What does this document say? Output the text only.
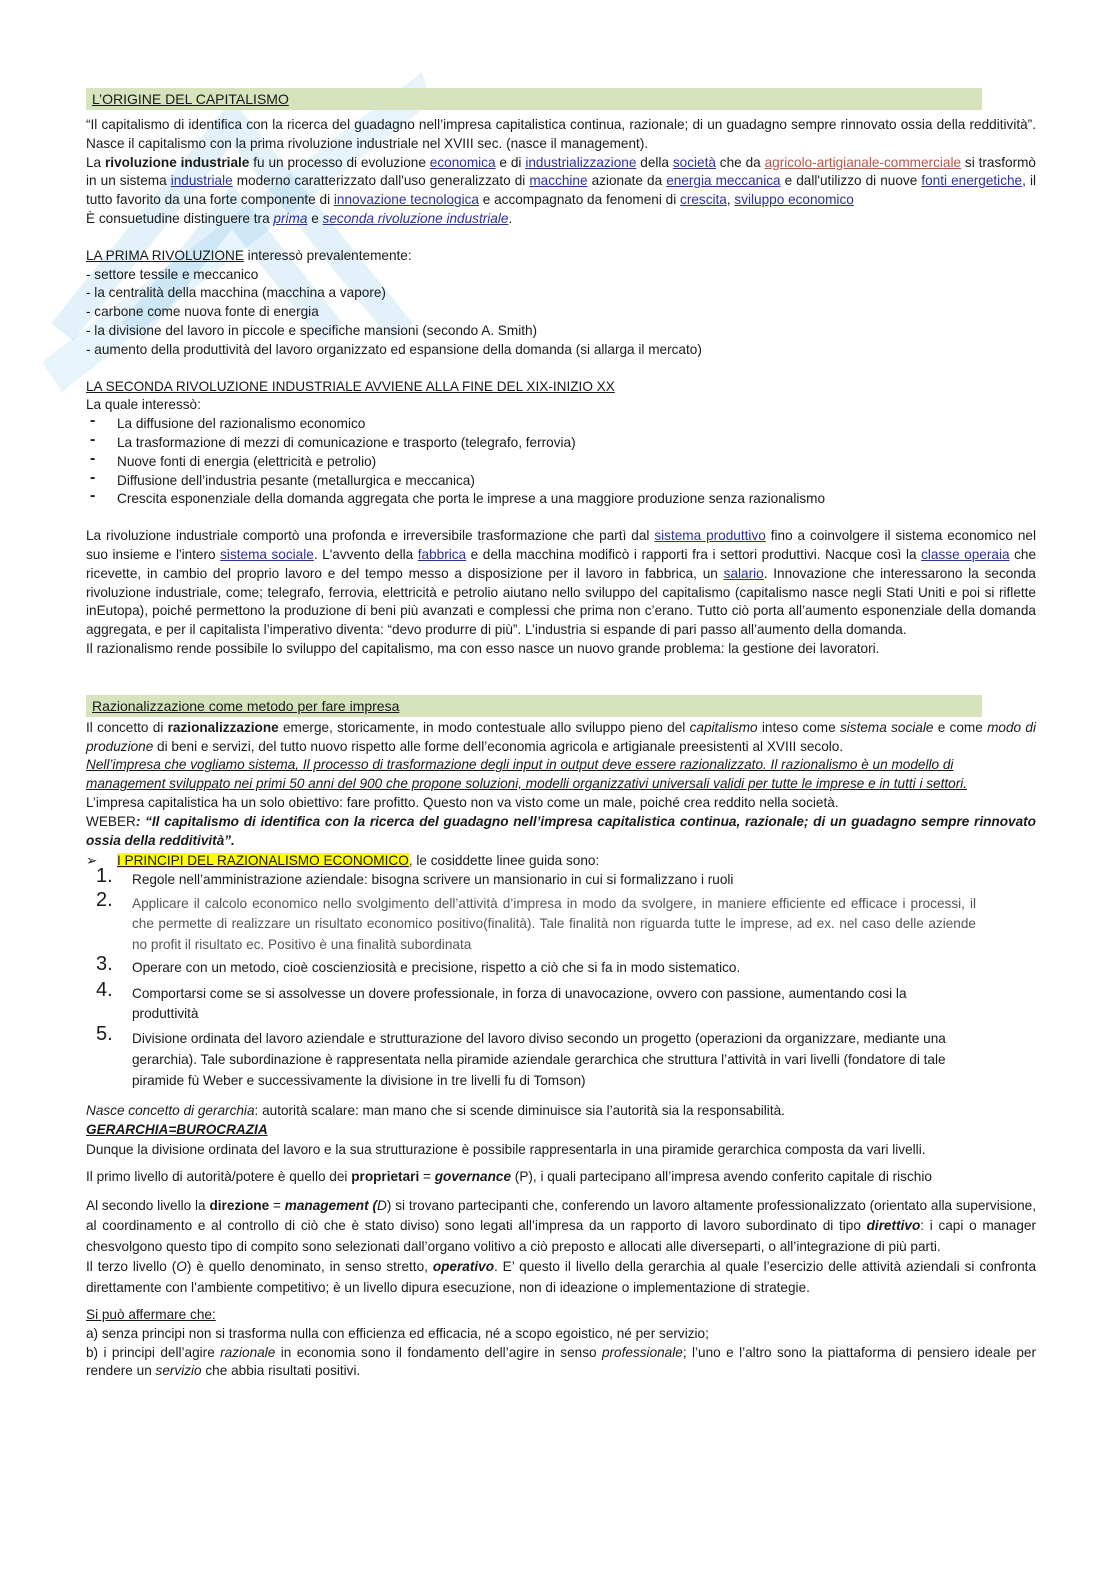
L’ORIGINE DEL CAPITALISMO

“Il capitalismo di identifica con la ricerca del guadagno nell’impresa capitalistica continua, razionale; di un guadagno sempre rinnovato ossia della redditività”. Nasce il capitalismo con la prima rivoluzione industriale nel XVIII sec. (nasce il management).

La rivoluzione industriale fu un processo di evoluzione economica e di industrializzazione della società che da agricolo-artigianale-commerciale si trasformò in un sistema industriale moderno caratterizzato dall'uso generalizzato di macchine azionate da energia meccanica e dall'utilizzo di nuove fonti energetiche, il tutto favorito da una forte componente di innovazione tecnologica e accompagnato da fenomeni di crescita, sviluppo economico

È consuetudine distinguere tra prima e seconda rivoluzione industriale.

LA PRIMA RIVOLUZIONE interessò prevalentemente:

- settore tessile e meccanico

- la centralità della macchina (macchina a vapore)

- carbone come nuova fonte di energia

- la divisione del lavoro in piccole e specifiche mansioni (secondo A. Smith)

- aumento della produttività del lavoro organizzato ed espansione della domanda (si allarga il mercato)

LA SECONDA RIVOLUZIONE INDUSTRIALE AVVIENE ALLA FINE DEL XIX-INIZIO XX

La quale interessò:

- La diffusione del razionalismo economico
- La trasformazione di mezzi di comunicazione e trasporto (telegrafo, ferrovia)
- Nuove fonti di energia (elettricità e petrolio)
- Diffusione dell’industria pesante (metallurgica e meccanica)
- Crescita esponenziale della domanda aggregata che porta le imprese a una maggiore produzione senza razionalismo

La rivoluzione industriale comportò una profonda e irreversibile trasformazione che partì dal sistema produttivo fino a coinvolgere il sistema economico nel suo insieme e l'intero sistema sociale. L'avvento della fabbrica e della macchina modificò i rapporti fra i settori produttivi. Nacque così la classe operaia che ricevette, in cambio del proprio lavoro e del tempo messo a disposizione per il lavoro in fabbrica, un salario. Innovazione che interessarono la seconda rivoluzione industriale, come; telegrafo, ferrovia, elettricità e petrolio aiutano nello sviluppo del capitalismo (capitalismo nasce negli Stati Uniti e poi si riflette inEutopa), poiché permettono la produzione di beni più avanzati e complessi che prima non c’erano. Tutto ciò porta all’aumento esponenziale della domanda aggregata, e per il capitalista l’imperativo diventa: “devo produrre di più”. L’industria si espande di pari passo all’aumento della domanda.

Il razionalismo rende possibile lo sviluppo del capitalismo, ma con esso nasce un nuovo grande problema: la gestione dei lavoratori.

Razionalizzazione come metodo per fare impresa

Il concetto di razionalizzazione emerge, storicamente, in modo contestuale allo sviluppo pieno del capitalismo inteso come sistema sociale e come modo di produzione di beni e servizi, del tutto nuovo rispetto alle forme dell’economia agricola e artigianale preesistenti al XVIII secolo.

Nell’impresa che vogliamo sistema, Il processo di trasformazione degli input in output deve essere razionalizzato. Il razionalismo è un modello di management sviluppato nei primi 50 anni del 900 che propone soluzioni, modelli organizzativi universali validi per tutte le imprese e in tutti i settori.

L’impresa capitalistica ha un solo obiettivo: fare profitto. Questo non va visto come un male, poiché crea reddito nella società.

WEBER: “Il capitalismo di identifica con la ricerca del guadagno nell’impresa capitalistica continua, razionale; di un guadagno sempre rinnovato ossia della redditività”.

➢ I PRINCIPI DEL RAZIONALISMO ECONOMICO, le cosiddette linee guida sono:

1. Regole nell’amministrazione aziendale: bisogna scrivere un mansionario in cui si formalizzano i ruoli
2. Applicare il calcolo economico nello svolgimento dell’attività d’impresa in modo da svolgere, in maniere efficiente ed efficace i processi, il che permette di realizzare un risultato economico positivo(finalità). Tale finalità non riguarda tutte le imprese, ad ex. nel caso delle aziende no profit il risultato ec. Positivo è una finalità subordinata
3. Operare con un metodo, cioè coscienziosità e precisione, rispetto a ciò che si fa in modo sistematico.
4. Comportarsi come se si assolvesse un dovere professionale, in forza di unavocazione, ovvero con passione, aumentando cosi la produttività
5. Divisione ordinata del lavoro aziendale e strutturazione del lavoro diviso secondo un progetto (operazioni da organizzare, mediante una gerarchia). Tale subordinazione è rappresentata nella piramide aziendale gerarchica che struttura l’attività in vari livelli (fondatore di tale piramide fù Weber e successivamente la divisione in tre livelli fu di Tomson)

Nasce concetto di gerarchia: autorità scalare: man mano che si scende diminuisce sia l’autorità sia la responsabilità.

GERARCHIA=BUROCRAZIA

Dunque la divisione ordinata del lavoro e la sua strutturazione è possibile rappresentarla in una piramide gerarchica composta da vari livelli.

Il primo livello di autorità/potere è quello dei proprietari = governance (P), i quali partecipano all’impresa avendo conferito capitale di rischio

Al secondo livello la direzione = management (D) si trovano partecipanti che, conferendo un lavoro altamente professionalizzato (orientato alla supervisione, al coordinamento e al controllo di ciò che è stato diviso) sono legati all’impresa da un rapporto di lavoro subordinato di tipo direttivo: i capi o manager chesvolgono questo tipo di compito sono selezionati dall’organo volitivo a ciò preposto e allocati alle diverseparti, o all’integrazione di più parti.

Il terzo livello (O) è quello denominato, in senso stretto, operativo. E’ questo il livello della gerarchia al quale l’esercizio delle attività aziendali si confronta direttamente con l’ambiente competitivo; è un livello dipura esecuzione, non di ideazione o implementazione di strategie.

Si può affermare che:

a) senza principi non si trasforma nulla con efficienza ed efficacia, né a scopo egoistico, né per servizio;

b) i principi dell’agire razionale in economia sono il fondamento dell’agire in senso professionale; l’uno e l’altro sono la piattaforma di pensiero ideale per rendere un servizio che abbia risultati positivi.
